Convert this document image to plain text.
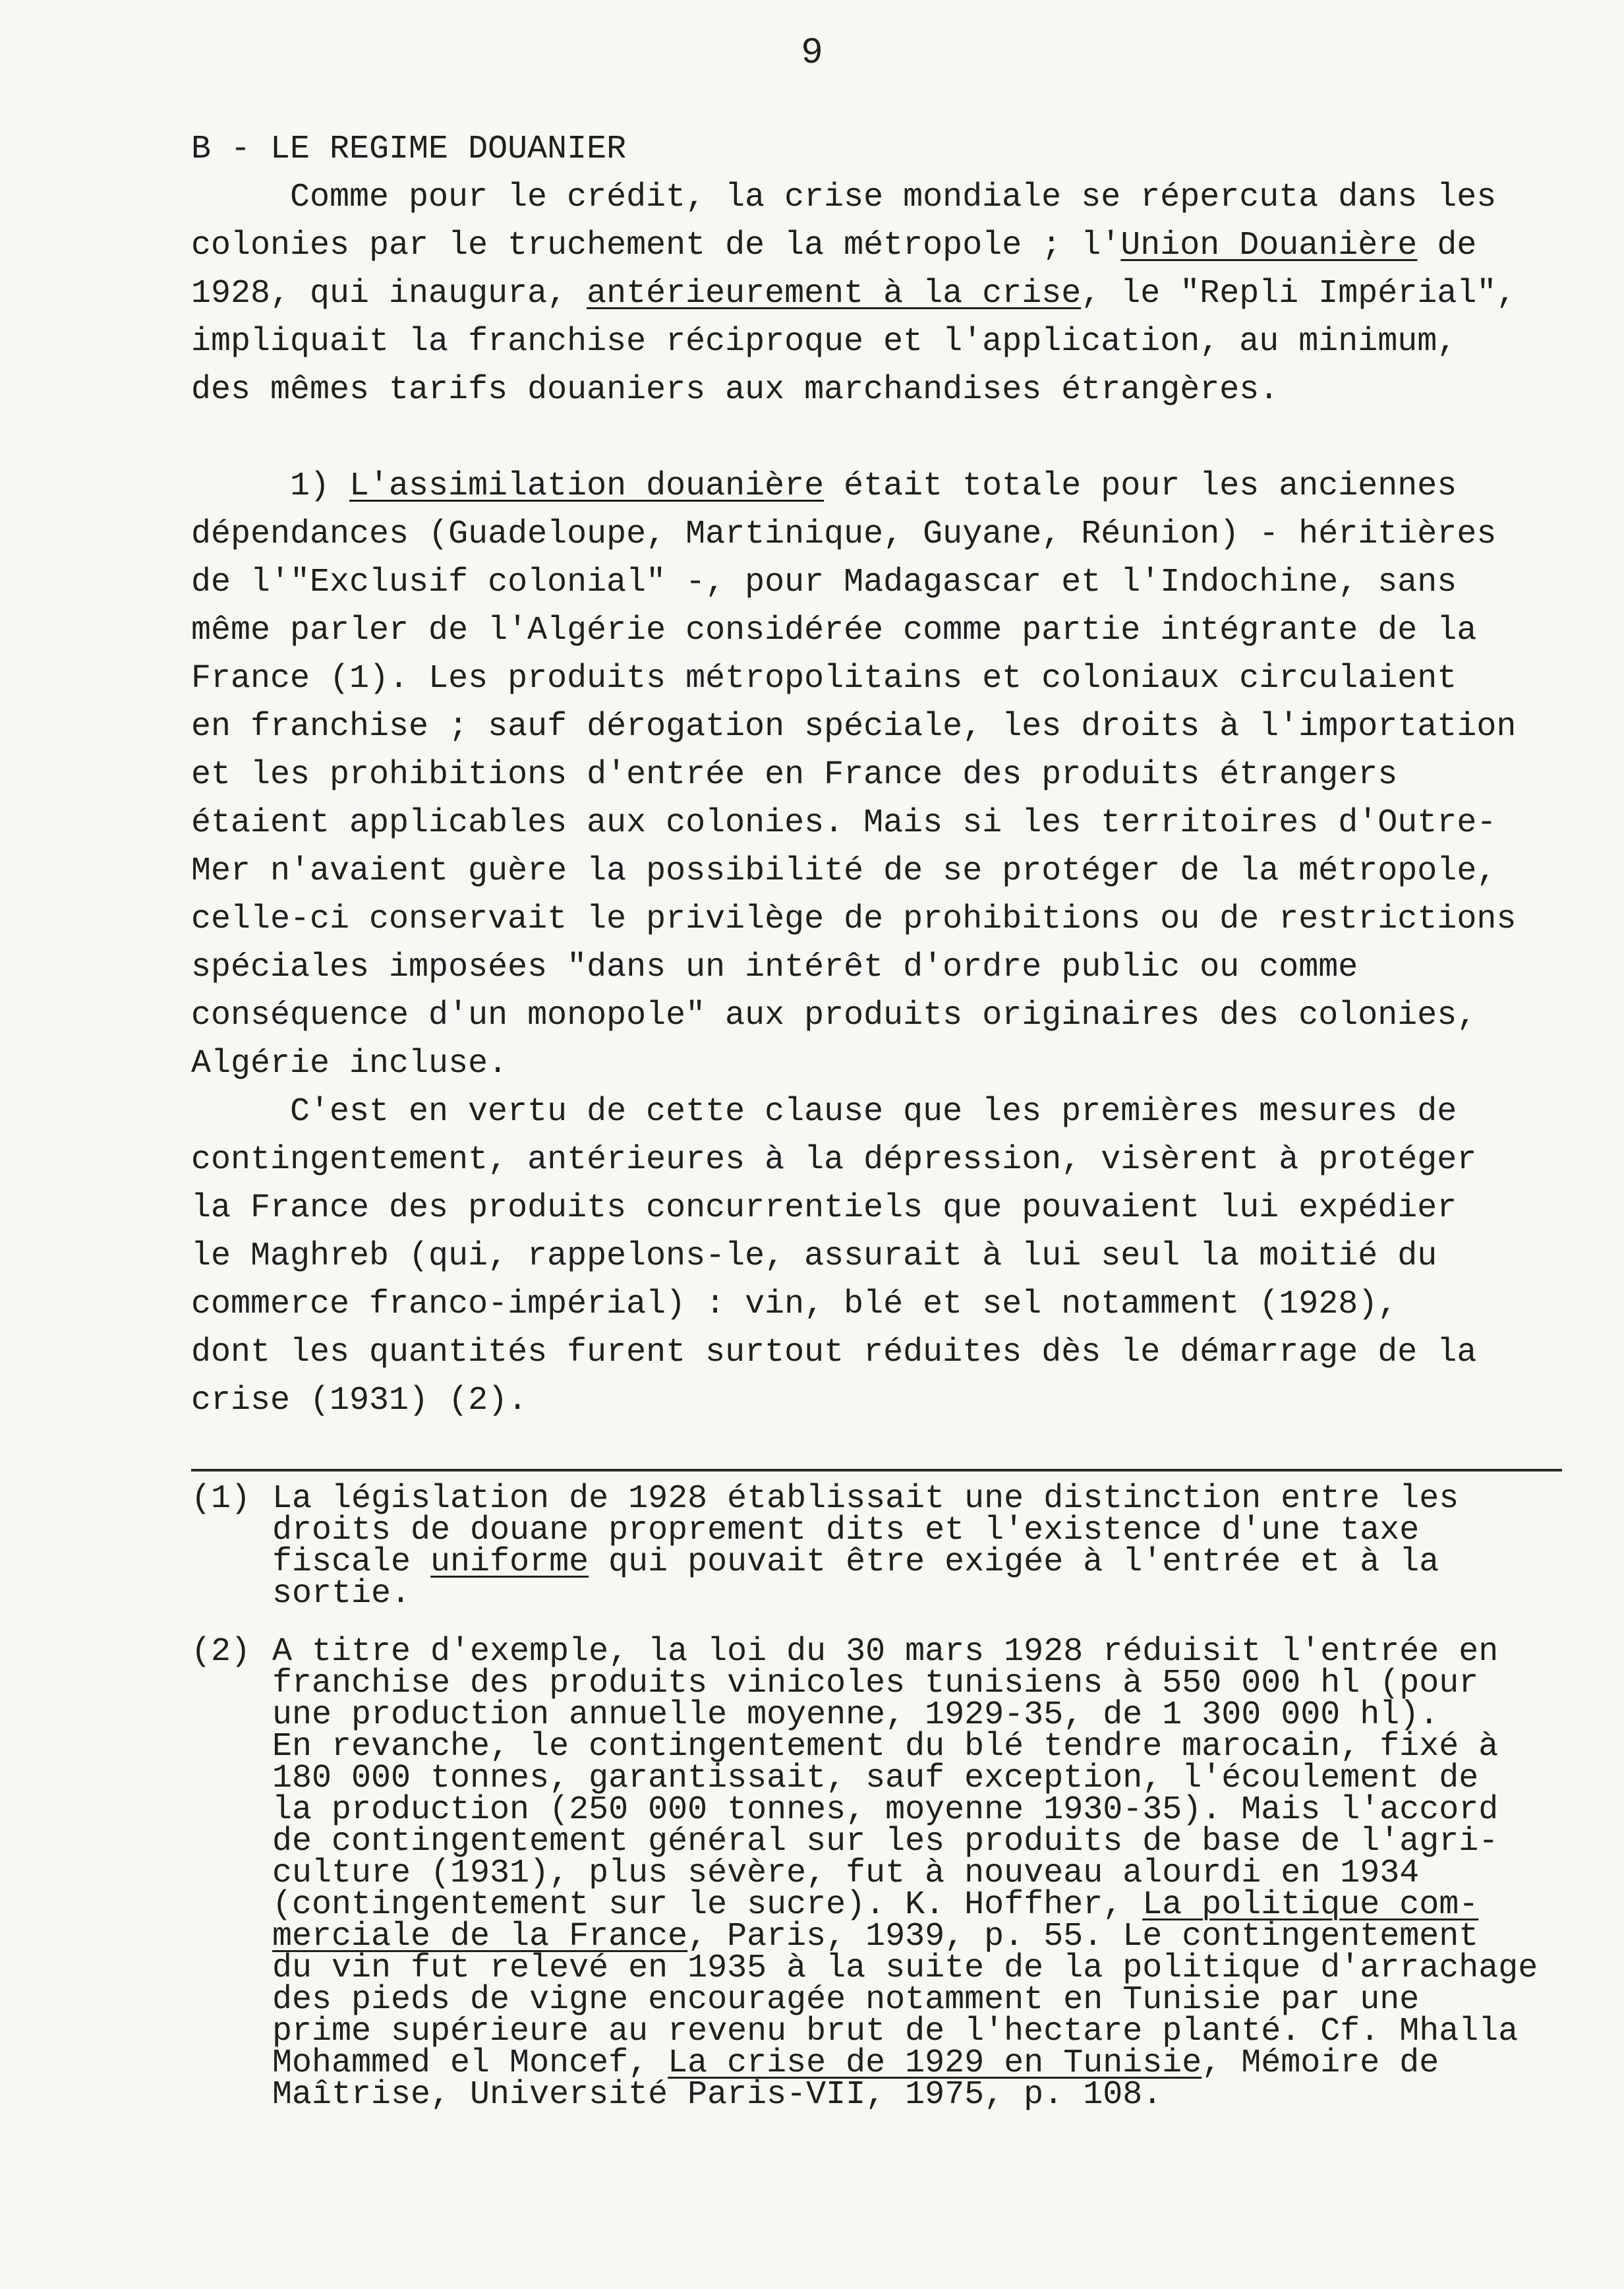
9

B - LE REGIME DOUANIER

Comme pour le crédit, la crise mondiale se répercuta dans les
colonies par le truchement de la métropole ; l'Union Douanière de
1928, qui inaugura, antérieurement à la crise, le "Repli Impérial",
impliquait la franchise réciproque et l'application, au minimum,
des mêmes tarifs douaniers aux marchandises étrangères.

1) L'assimilation douanière était totale pour les anciennes
dépendances (Guadeloupe, Martinique, Guyane, Réunion) - héritières
de l'"Exclusif colonial" -, pour Madagascar et l'Indochine, sans
même parler de l'Algérie considérée comme partie intégrante de la
France (1). Les produits métropolitains et coloniaux circulaient
en franchise ; sauf dérogation spéciale, les droits à l'importation
et les prohibitions d'entrée en France des produits étrangers
étaient applicables aux colonies. Mais si les territoires d'Outre-
Mer n'avaient guère la possibilité de se protéger de la métropole,
celle-ci conservait le privilège de prohibitions ou de restrictions
spéciales imposées "dans un intérêt d'ordre public ou comme
conséquence d'un monopole" aux produits originaires des colonies,
Algérie incluse.

C'est en vertu de cette clause que les premières mesures de
contingentement, antérieures à la dépression, visèrent à protéger
la France des produits concurrentiels que pouvaient lui expédier
le Maghreb (qui, rappelons-le, assurait à lui seul la moitié du
commerce franco-impérial) : vin, blé et sel notamment (1928),
dont les quantités furent surtout réduites dès le démarrage de la
crise (1931) (2).

(1) La législation de 1928 établissait une distinction entre les
droits de douane proprement dits et l'existence d'une taxe
fiscale uniforme qui pouvait être exigée à l'entrée et à la
sortie.
(2) A titre d'exemple, la loi du 30 mars 1928 réduisit l'entrée en
franchise des produits vinicoles tunisiens à 550 000 hl (pour
une production annuelle moyenne, 1929-35, de 1 300 000 hl).
En revanche, le contingentement du blé tendre marocain, fixé à
180 000 tonnes, garantissait, sauf exception, l'écoulement de
la production (250 000 tonnes, moyenne 1930-35). Mais l'accord
de contingentement général sur les produits de base de l'agri-
culture (1931), plus sévère, fut à nouveau alourdi en 1934
(contingentement sur le sucre). K. Hoffher, La politique com-
merciale de la France, Paris, 1939, p. 55. Le contingentement
du vin fut relevé en 1935 à la suite de la politique d'arrachage
des pieds de vigne encouragée notamment en Tunisie par une
prime supérieure au revenu brut de l'hectare planté. Cf. Mhalla
Mohammed el Moncef, La crise de 1929 en Tunisie, Mémoire de
Maîtrise, Université Paris-VII, 1975, p. 108.
